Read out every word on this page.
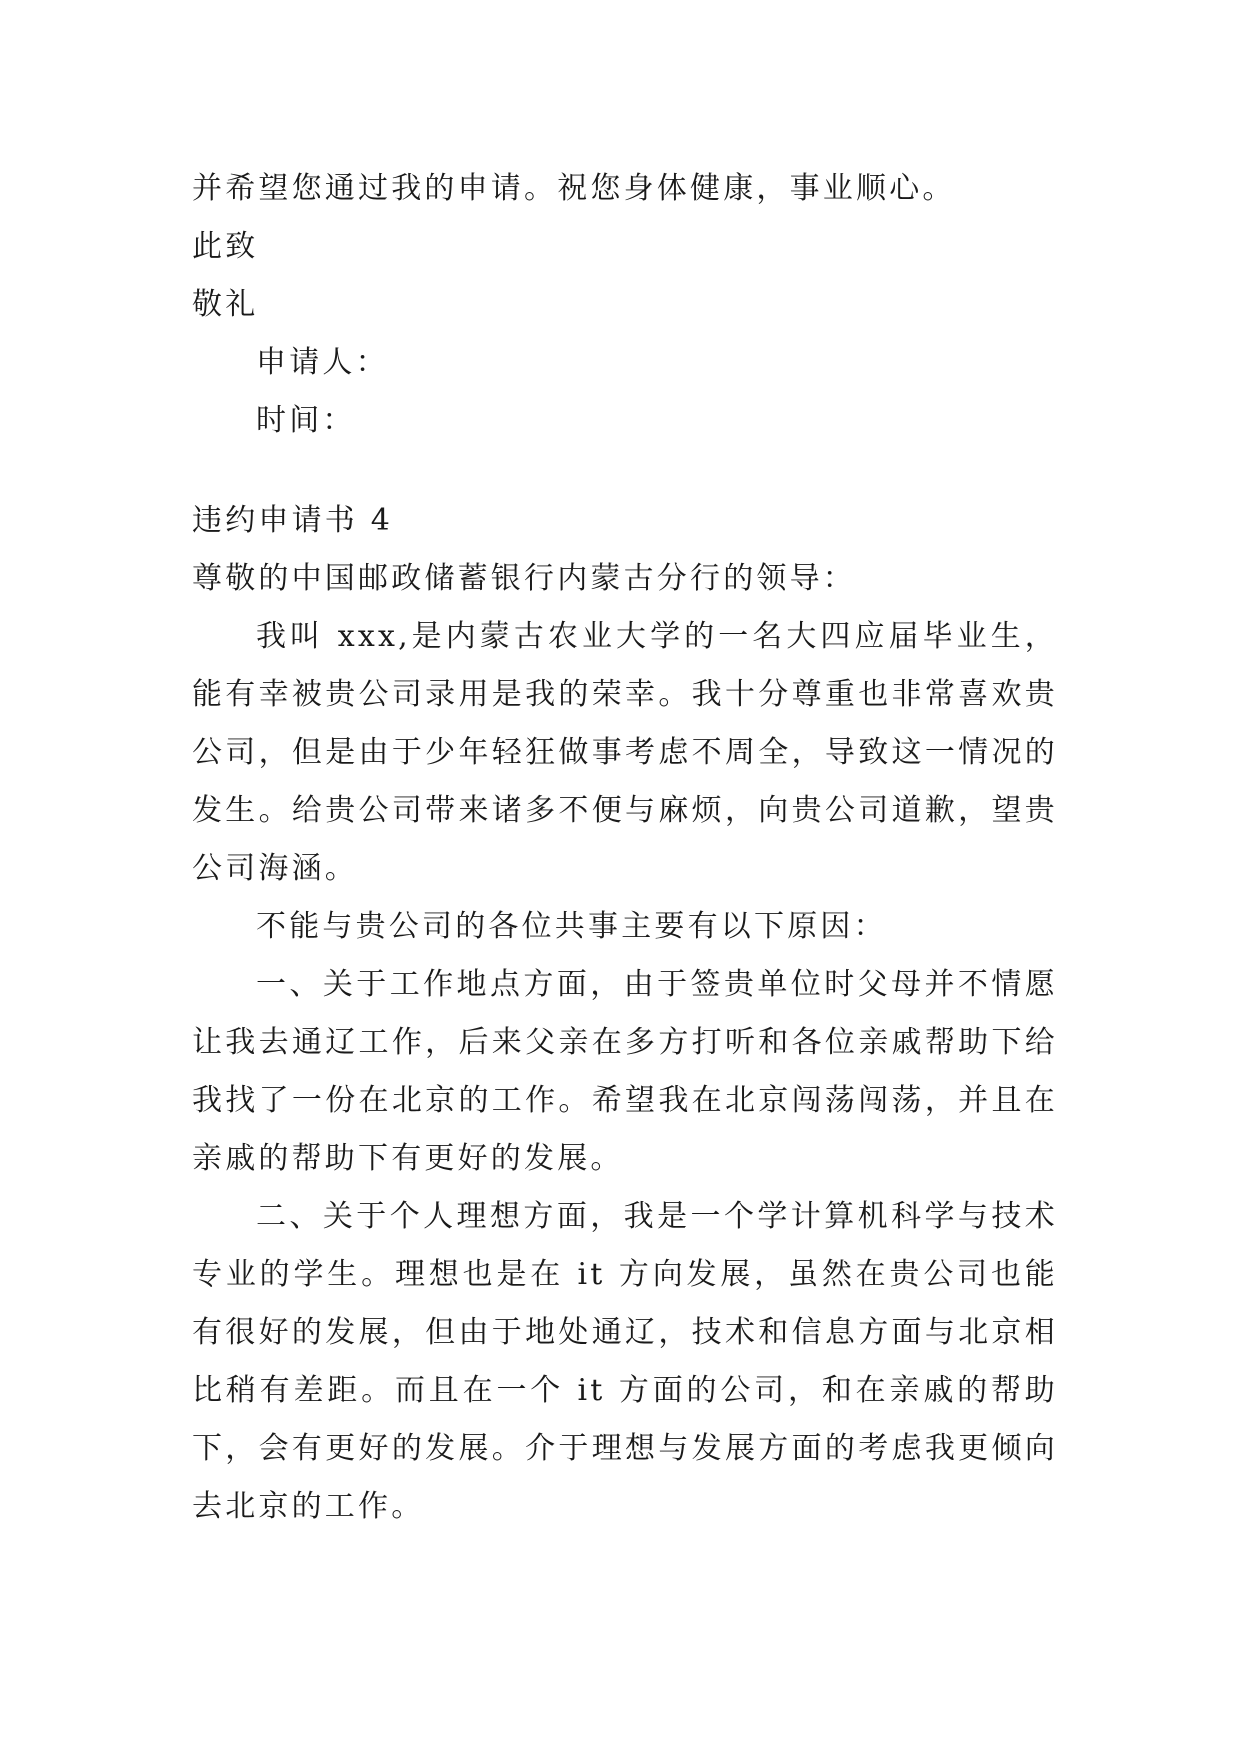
并希望您通过我的申请。祝您身体健康，事业顺心。
此致
敬礼
申请人：
时间：
违约申请书 4
尊敬的中国邮政储蓄银行内蒙古分行的领导：

我叫 xxx,是内蒙古农业大学的一名大四应届毕业生，能有幸被贵公司录用是我的荣幸。我十分尊重也非常喜欢贵公司，但是由于少年轻狂做事考虑不周全，导致这一情况的发生。给贵公司带来诸多不便与麻烦，向贵公司道歉，望贵公司海涵。

不能与贵公司的各位共事主要有以下原因：

一、关于工作地点方面，由于签贵单位时父母并不情愿让我去通辽工作，后来父亲在多方打听和各位亲戚帮助下给我找了一份在北京的工作。希望我在北京闯荡闯荡，并且在亲戚的帮助下有更好的发展。

二、关于个人理想方面，我是一个学计算机科学与技术专业的学生。理想也是在 it 方向发展，虽然在贵公司也能有很好的发展，但由于地处通辽，技术和信息方面与北京相比稍有差距。而且在一个 it 方面的公司，和在亲戚的帮助下，会有更好的发展。介于理想与发展方面的考虑我更倾向去北京的工作。
